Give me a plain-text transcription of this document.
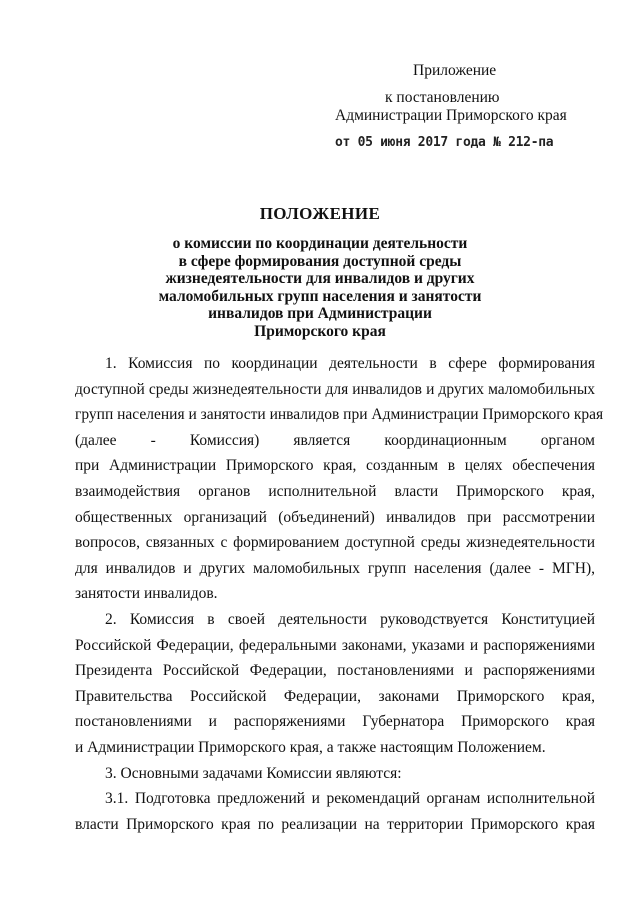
Приложение
к постановлению
Администрации Приморского края
от 05 июня 2017 года № 212-па
ПОЛОЖЕНИЕ
о комиссии по координации деятельности
в сфере формирования доступной среды
жизнедеятельности для инвалидов и других
маломобильных групп населения и занятости
инвалидов при Администрации
Приморского края
1. Комиссия по координации деятельности в сфере формирования
доступной среды жизнедеятельности для инвалидов и других маломобильных
групп населения и занятости инвалидов при Администрации Приморского края
(далее - Комиссия) является координационным органом
при Администрации Приморского края, созданным в целях обеспечения
взаимодействия органов исполнительной власти Приморского края,
общественных организаций (объединений) инвалидов при рассмотрении
вопросов, связанных с формированием доступной среды жизнедеятельности
для инвалидов и других маломобильных групп населения (далее - МГН),
занятости инвалидов.
2. Комиссия в своей деятельности руководствуется Конституцией
Российской Федерации, федеральными законами, указами и распоряжениями
Президента Российской Федерации, постановлениями и распоряжениями
Правительства Российской Федерации, законами Приморского края,
постановлениями и распоряжениями Губернатора Приморского края
и Администрации Приморского края, а также настоящим Положением.
3. Основными задачами Комиссии являются:
3.1. Подготовка предложений и рекомендаций органам исполнительной
власти Приморского края по реализации на территории Приморского края
